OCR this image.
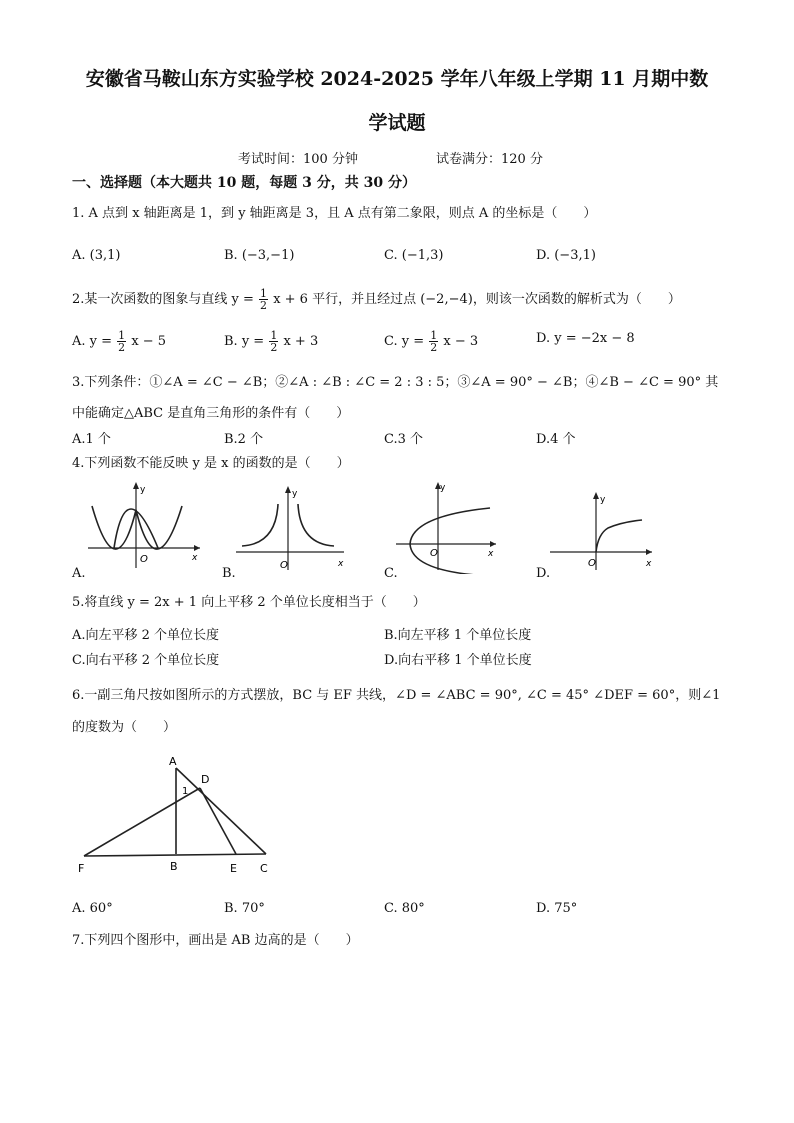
安徽省马鞍山东方实验学校 2024-2025 学年八年级上学期 11 月期中数
学试题
考试时间：100 分钟	试卷满分：120 分
一、选择题（本大题共 10 题，每题 3 分，共 30 分）
1. A 点到 x 轴距离是 1，到 y 轴距离是 3，且 A 点有第二象限，则点 A 的坐标是（　　）
A. (3,1)	B. (−3,−1)	C. (−1,3)	D. (−3,1)
2.某一次函数的图象与直线 $y = \frac{1}{2}$ x + 6 平行，并且经过点 (−2,−4)，则该一次函数的解析式为（　　）
A. $y = \frac{1}{2}$ x − 5	B. $y = \frac{1}{2}$ x + 3	C. $y = \frac{1}{2}$ x − 3	D. y = −2x − 8
3.下列条件：①∠A = ∠C − ∠B；②∠A : ∠B : ∠C = 2 : 3 : 5；③∠A = 90° − ∠B；④∠B − ∠C = 90° 其
中能确定△ABC 是直角三角形的条件有（　　）
A.1 个	B.2 个	C.3 个	D.4 个
4.下列函数不能反映 y 是 x 的函数的是（　　）
y
x
O
A.
y
x
O
B.
y
x
O
C.
y
x
O
D.
5.将直线 y = 2x + 1 向上平移 2 个单位长度相当于（　　）
A.向左平移 2 个单位长度	B.向左平移 1 个单位长度
C.向右平移 2 个单位长度	D.向右平移 1 个单位长度
6.一副三角尺按如图所示的方式摆放，BC 与 EF 共线，∠D = ∠ABC = 90°, ∠C = 45° ∠DEF = 60°，则∠1
的度数为（　　）
A
D
1
F	B	E C
A. 60°	B. 70°	C. 80°	D. 75°
7.下列四个图形中，画出是 AB 边高的是（　　）
